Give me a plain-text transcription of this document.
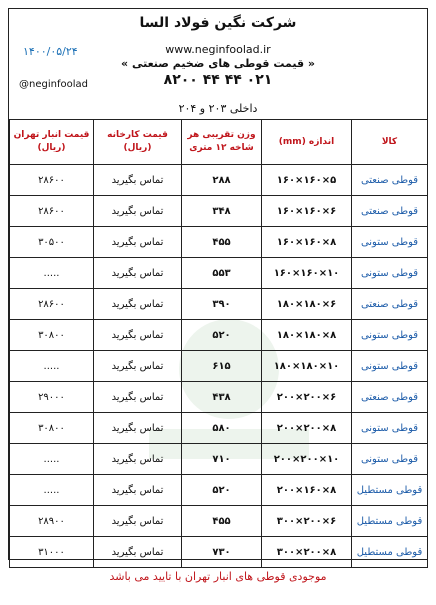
شرکت نگین فولاد السا
www.neginfoolad.ir
« قیمت قوطی های ضخیم صنعتی »
۰۲۱ ۴۴ ۴۴ ۸۲۰۰
داخلی ۲۰۳ و ۲۰۴
۱۴۰۰/۰۵/۲۴
@neginfoolad
کالا	اندازه (mm)	وزن تقریبی هر شاخه ۱۲ متری	قیمت کارخانه (ریال)	قیمت انبار تهران (ریال)
قوطی صنعتی	۱۶۰×۱۶۰×۵	۲۸۸	تماس بگیرید	۲۸۶۰۰
قوطی صنعتی	۱۶۰×۱۶۰×۶	۳۴۸	تماس بگیرید	۲۸۶۰۰
قوطی ستونی	۱۶۰×۱۶۰×۸	۴۵۵	تماس بگیرید	۳۰۵۰۰
قوطی ستونی	۱۶۰×۱۶۰×۱۰	۵۵۳	تماس بگیرید	.....
قوطی صنعتی	۱۸۰×۱۸۰×۶	۳۹۰	تماس بگیرید	۲۸۶۰۰
قوطی ستونی	۱۸۰×۱۸۰×۸	۵۲۰	تماس بگیرید	۳۰۸۰۰
قوطی ستونی	۱۸۰×۱۸۰×۱۰	۶۱۵	تماس بگیرید	.....
قوطی صنعتی	۲۰۰×۲۰۰×۶	۴۳۸	تماس بگیرید	۲۹۰۰۰
قوطی ستونی	۲۰۰×۲۰۰×۸	۵۸۰	تماس بگیرید	۳۰۸۰۰
قوطی ستونی	۲۰۰×۲۰۰×۱۰	۷۱۰	تماس بگیرید	.....
قوطی مستطیل	۲۰۰×۱۶۰×۸	۵۲۰	تماس بگیرید	.....
قوطی مستطیل	۳۰۰×۲۰۰×۶	۴۵۵	تماس بگیرید	۲۸۹۰۰
قوطی مستطیل	۳۰۰×۲۰۰×۸	۷۳۰	تماس بگیرید	۳۱۰۰۰
موجودی قوطی های انبار تهران با تایید می باشد
